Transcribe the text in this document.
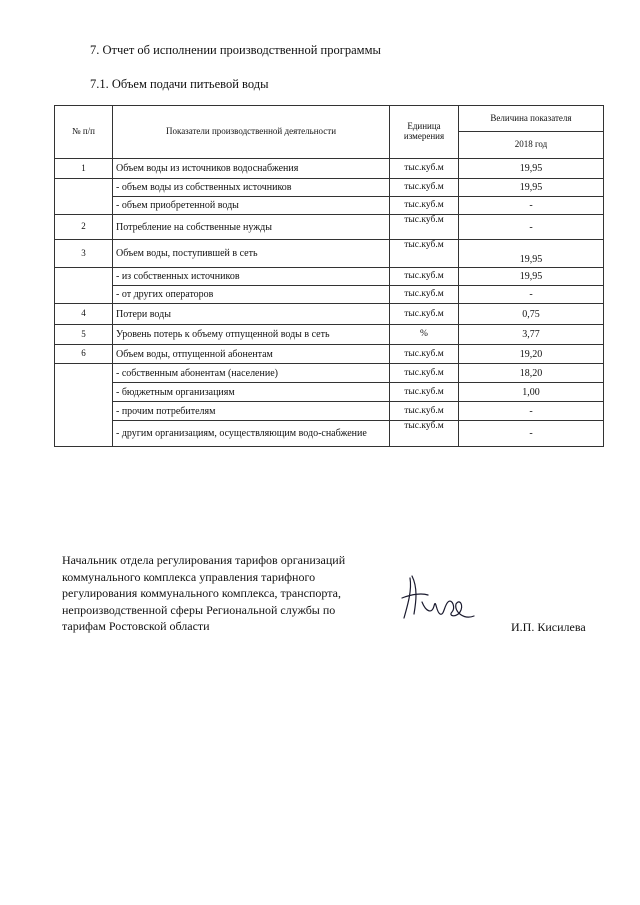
7. Отчет об исполнении производственной программы
7.1. Объем подачи питьевой воды
№ п/п	Показатели производственной деятельности	Единица измерения	Величина показателя
			2018 год
1	Объем воды из источников водоснабжения	тыс.куб.м	19,95
	- объем воды из собственных источников	тыс.куб.м	19,95
	- объем приобретенной воды	тыс.куб.м	-
2	Потребление на собственные нужды	тыс.куб.м	-
3	Объем воды, поступившей в сеть	тыс.куб.м	19,95
	- из собственных источников	тыс.куб.м	19,95
	- от других операторов	тыс.куб.м	-
4	Потери воды	тыс.куб.м	0,75
5	Уровень потерь к объему отпущенной воды в сеть	%	3,77
6	Объем воды, отпущенной абонентам	тыс.куб.м	19,20
	- собственным абонентам (население)	тыс.куб.м	18,20
	- бюджетным организациям	тыс.куб.м	1,00
	- прочим потребителям	тыс.куб.м	-
	- другим организациям, осуществляющим водо-снабжение	тыс.куб.м	-
Начальник отдела регулирования тарифов организаций
коммунального комплекса управления тарифного
регулирования коммунального комплекса, транспорта,
непроизводственной сферы Региональной службы по
тарифам Ростовской области	И.П. Кисилева
